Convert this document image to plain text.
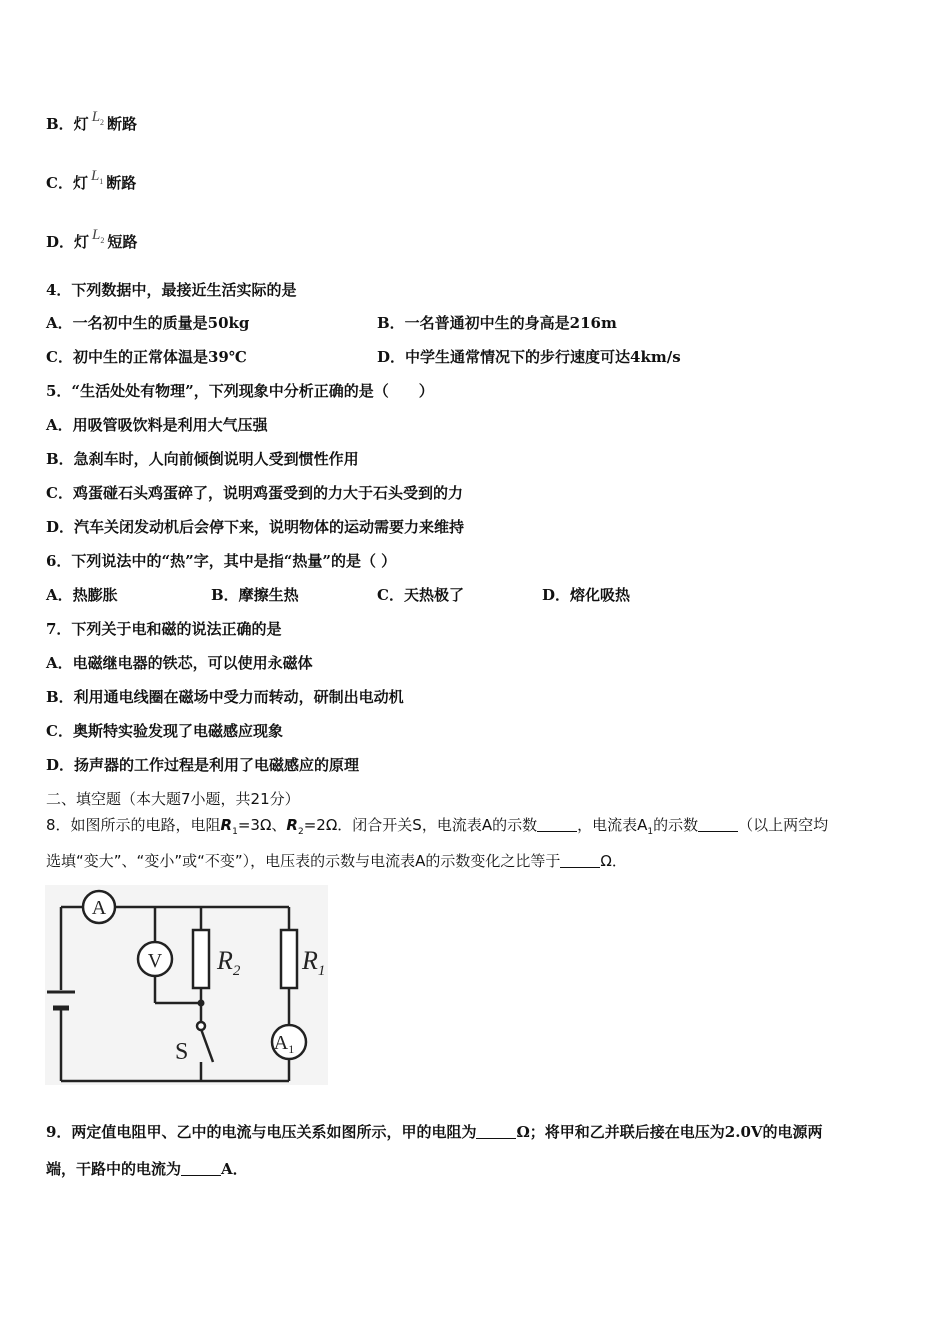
B．灯 $L_2$ 断路
C．灯 $L_1$ 断路
D．灯 $L_2$ 短路
4．下列数据中，最接近生活实际的是
A．一名初中生的质量是50kg	B．一名普通初中生的身高是216m
C．初中生的正常体温是39℃	D．中学生通常情况下的步行速度可达4km/s
5．“生活处处有物理”，下列现象中分析正确的是（　　）
A．用吸管吸饮料是利用大气压强
B．急刹车时，人向前倾倒说明人受到惯性作用
C．鸡蛋碰石头鸡蛋碎了，说明鸡蛋受到的力大于石头受到的力
D．汽车关闭发动机后会停下来，说明物体的运动需要力来维持
6．下列说法中的“热”字，其中是指“热量”的是（ ）
A．热膨胀	B．摩擦生热	C．天热极了	D．熔化吸热
7．下列关于电和磁的说法正确的是
A．电磁继电器的铁芯，可以使用永磁体
B．利用通电线圈在磁场中受力而转动，研制出电动机
C．奥斯特实验发现了电磁感应现象
D．扬声器的工作过程是利用了电磁感应的原理
二、填空题（本大题7小题，共21分）
8．如图所示的电路，电阻$R_1=3\Omega$、$R_2=2\Omega$．闭合开关S，电流表A的示数	，电流表$A_1$的示数	（以上两空均
选填“变大”、“变小”或“不变”），电压表的示数与电流表A的示数变化之比等于	Ω．
A
V $R_2$ $R_1$
S	$A_1$
9．两定值电阻甲、乙中的电流与电压关系如图所示，甲的电阻为	Ω；将甲和乙并联后接在电压为2.0V的电源两
端，干路中的电流为	A．
